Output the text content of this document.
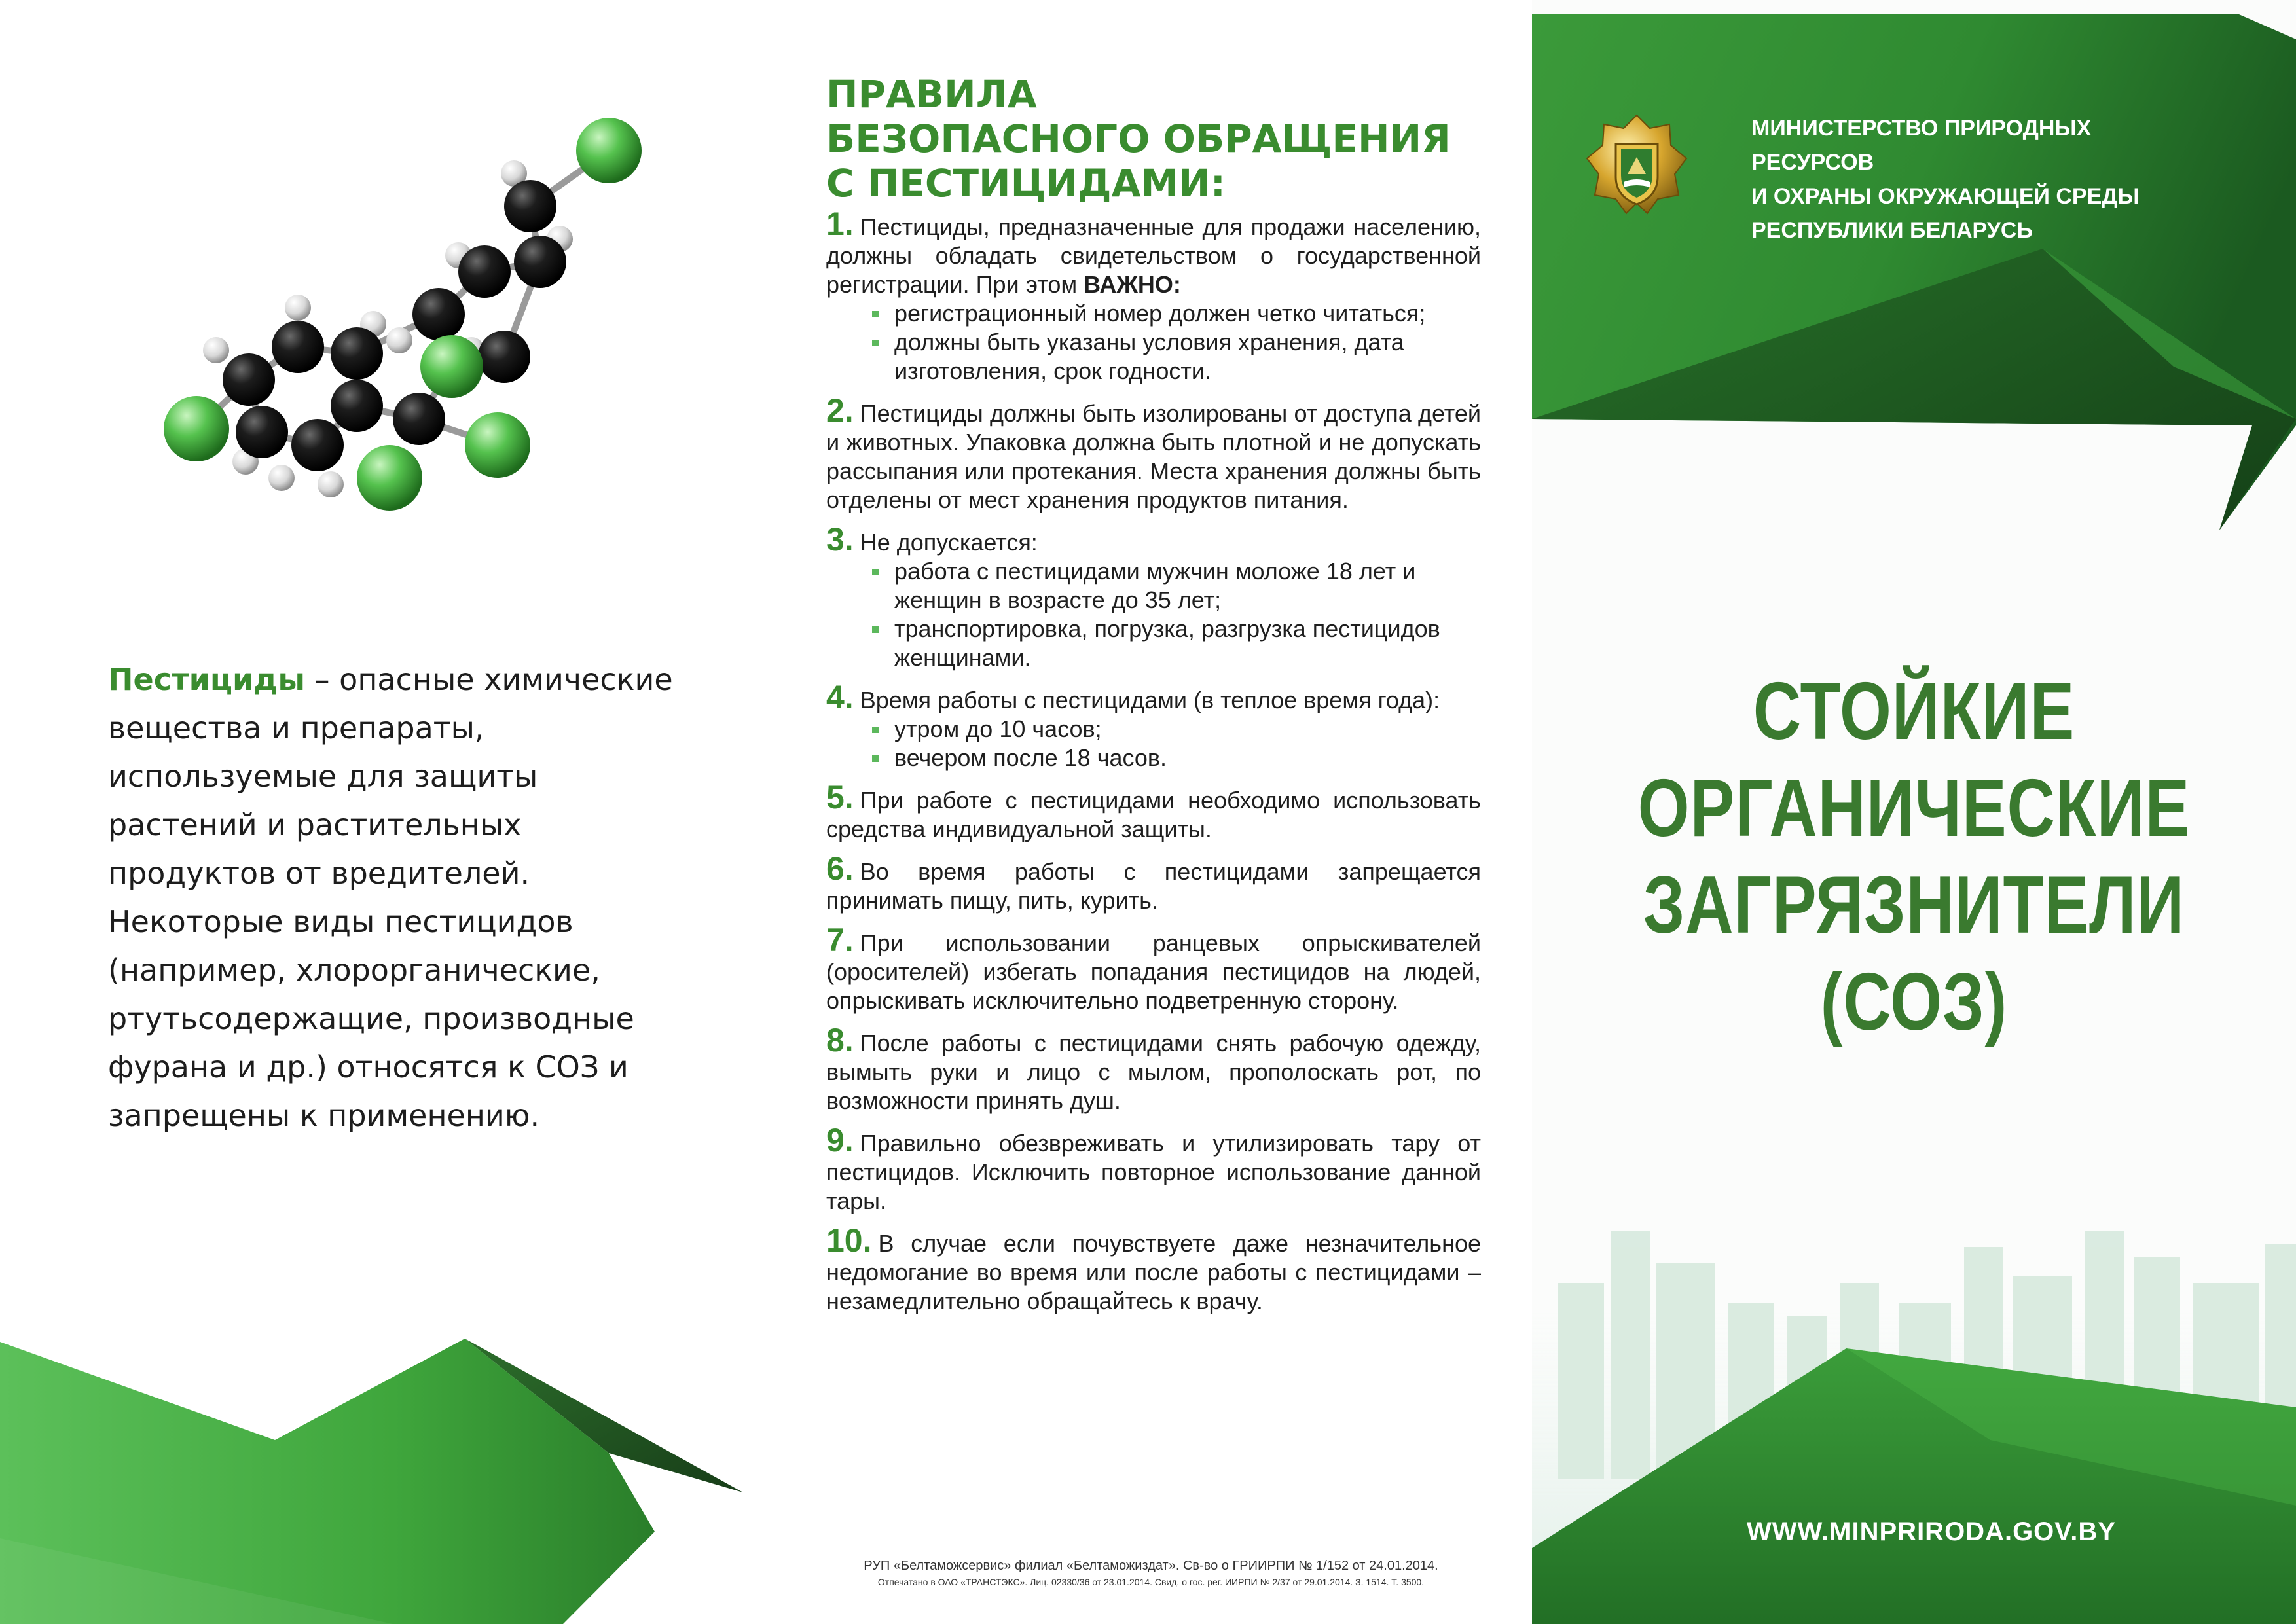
Пестициды – опасные химические вещества и препараты, используемые для защиты растений и растительных продуктов от вредителей. Некоторые виды пестицидов (например, хлорорганические, ртутьсодержащие, производные фурана и др.) относятся к СОЗ и запрещены к применению.

ПРАВИЛА
БЕЗОПАСНОГО ОБРАЩЕНИЯ
С ПЕСТИЦИДАМИ:
1. Пестициды, предназначенные для продажи населению, должны обладать свидетельством о государственной регистрации. При этом ВАЖНО:
регистрационный номер должен четко читаться;
должны быть указаны условия хранения, дата изготовления, срок годности.
2. Пестициды должны быть изолированы от доступа детей и животных. Упаковка должна быть плотной и не допускать рассыпания или протекания. Места хранения должны быть отделены от мест хранения продуктов питания.
3. Не допускается:
работа с пестицидами мужчин моложе 18 лет и женщин в возрасте до 35 лет;
транспортировка, погрузка, разгрузка пестицидов женщинами.
4. Время работы с пестицидами (в теплое время года):
утром до 10 часов;
вечером после 18 часов.
5. При работе с пестицидами необходимо использовать средства индивидуальной защиты.
6. Во время работы с пестицидами запрещается принимать пищу, пить, курить.
7. При использовании ранцевых опрыскивателей (оросителей) избегать попадания пестицидов на людей, опрыскивать исключительно подветренную сторону.
8. После работы с пестицидами снять рабочую одежду, вымыть руки и лицо с мылом, прополоскать рот, по возможности принять душ.
9. Правильно обезвреживать и утилизировать тару от пестицидов. Исключить повторное использование данной тары.
10. В случае если почувствуете даже незначительное недомогание во время или после работы с пестицидами – незамедлительно обращайтесь к врачу.
РУП «Белтаможсервис» филиал «Белтаможиздат». Св-во о ГРИИРПИ № 1/152 от 24.01.2014.
Отпечатано в ОАО «ТРАНСТЭКС». Лиц. 02330/36 от 23.01.2014. Свид. о гос. рег. ИИРПИ № 2/37 от 29.01.2014. З. 1514. Т. 3500.
МИНИСТЕРСТВО ПРИРОДНЫХ РЕСУРСОВ
И ОХРАНЫ ОКРУЖАЮЩЕЙ СРЕДЫ
РЕСПУБЛИКИ БЕЛАРУСЬ
СТОЙКИЕ
ОРГАНИЧЕСКИЕ
ЗАГРЯЗНИТЕЛИ
(СОЗ)
WWW.MINPRIRODA.GOV.BY
